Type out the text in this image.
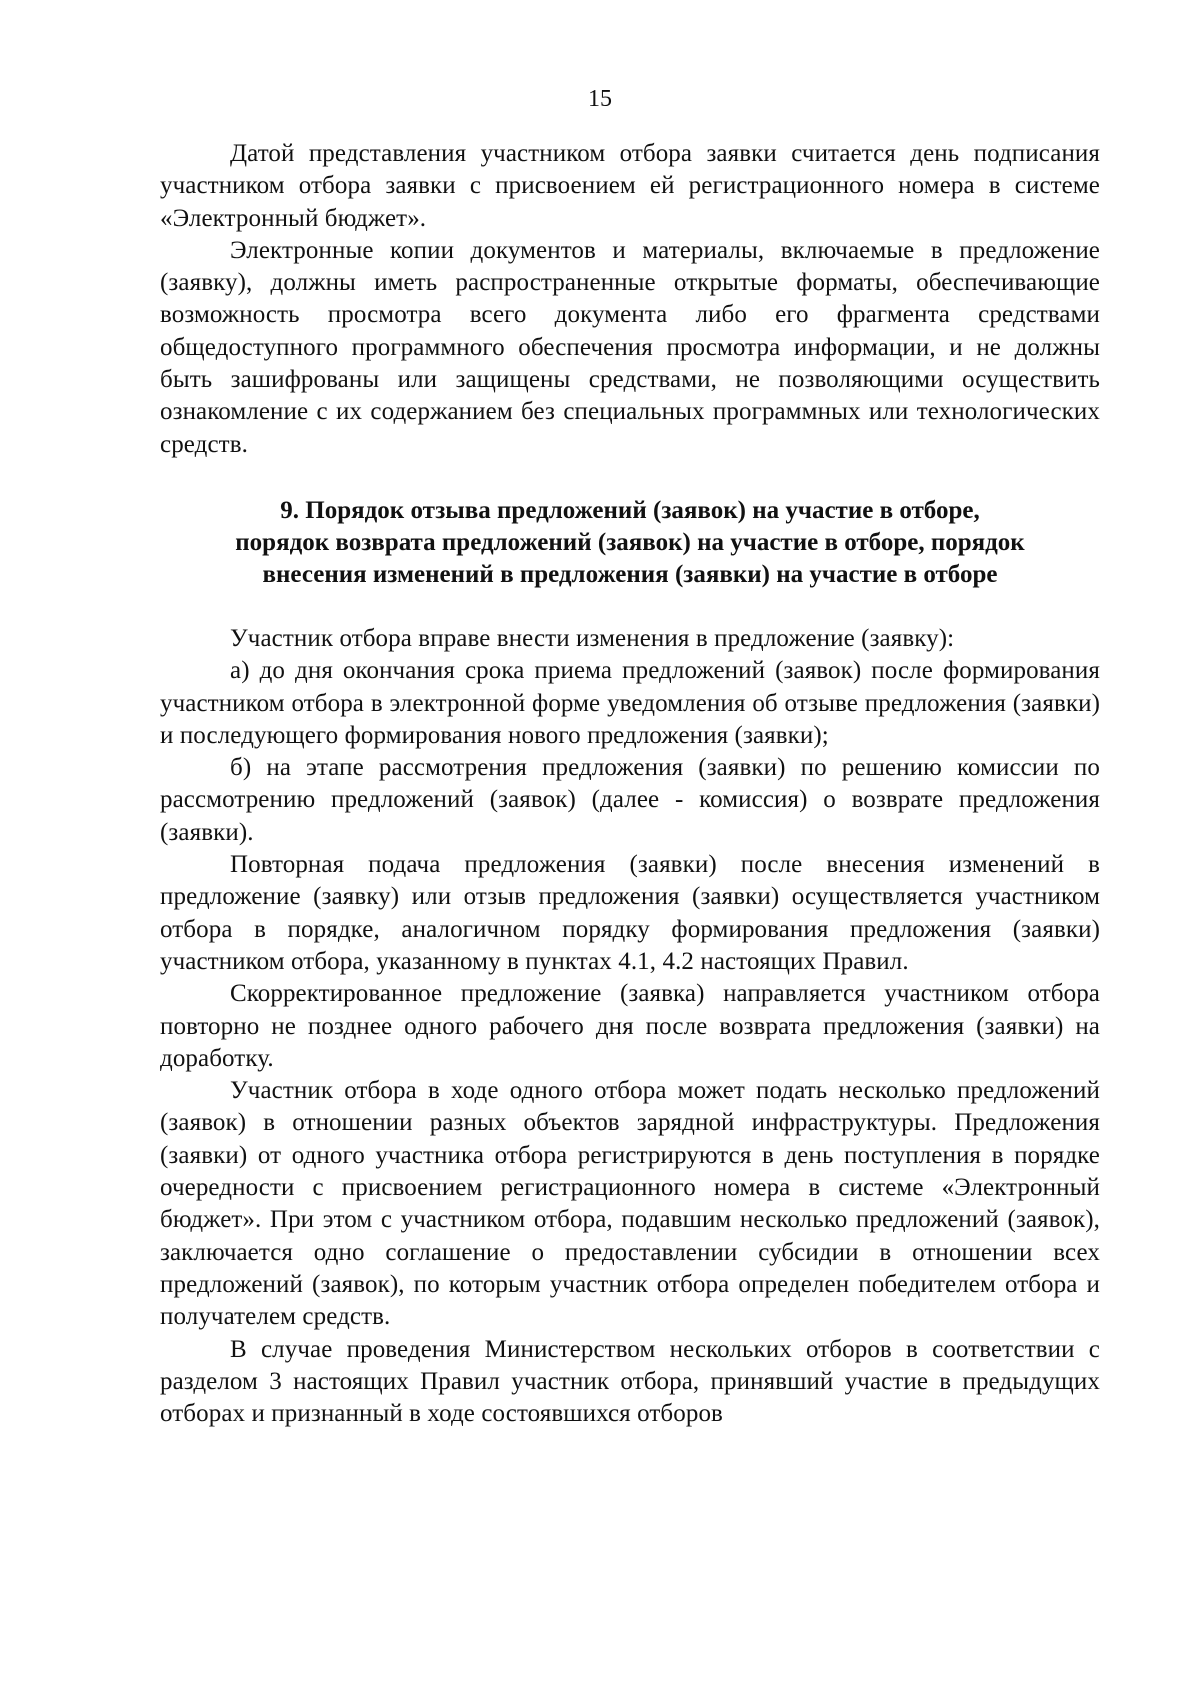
15

Датой представления участником отбора заявки считается день подписания участником отбора заявки с присвоением ей регистрационного номера в системе «Электронный бюджет».

Электронные копии документов и материалы, включаемые в предложение (заявку), должны иметь распространенные открытые форматы, обеспечивающие возможность просмотра всего документа либо его фрагмента средствами общедоступного программного обеспечения просмотра информации, и не должны быть зашифрованы или защищены средствами, не позволяющими осуществить ознакомление с их содержанием без специальных программных или технологических средств.

9. Порядок отзыва предложений (заявок) на участие в отборе,
порядок возврата предложений (заявок) на участие в отборе, порядок
внесения изменений в предложения (заявки) на участие в отборе

Участник отбора вправе внести изменения в предложение (заявку):

а) до дня окончания срока приема предложений (заявок) после формирования участником отбора в электронной форме уведомления об отзыве предложения (заявки) и последующего формирования нового предложения (заявки);

б) на этапе рассмотрения предложения (заявки) по решению комиссии по рассмотрению предложений (заявок) (далее - комиссия) о возврате предложения (заявки).

Повторная подача предложения (заявки) после внесения изменений в предложение (заявку) или отзыв предложения (заявки) осуществляется участником отбора в порядке, аналогичном порядку формирования предложения (заявки) участником отбора, указанному в пунктах 4.1, 4.2 настоящих Правил.

Скорректированное предложение (заявка) направляется участником отбора повторно не позднее одного рабочего дня после возврата предложения (заявки) на доработку.

Участник отбора в ходе одного отбора может подать несколько предложений (заявок) в отношении разных объектов зарядной инфраструктуры. Предложения (заявки) от одного участника отбора регистрируются в день поступления в порядке очередности с присвоением регистрационного номера в системе «Электронный бюджет». При этом с участником отбора, подавшим несколько предложений (заявок), заключается одно соглашение о предоставлении субсидии в отношении всех предложений (заявок), по которым участник отбора определен победителем отбора и получателем средств.

В случае проведения Министерством нескольких отборов в соответствии с разделом 3 настоящих Правил участник отбора, принявший участие в предыдущих отборах и признанный в ходе состоявшихся отборов
